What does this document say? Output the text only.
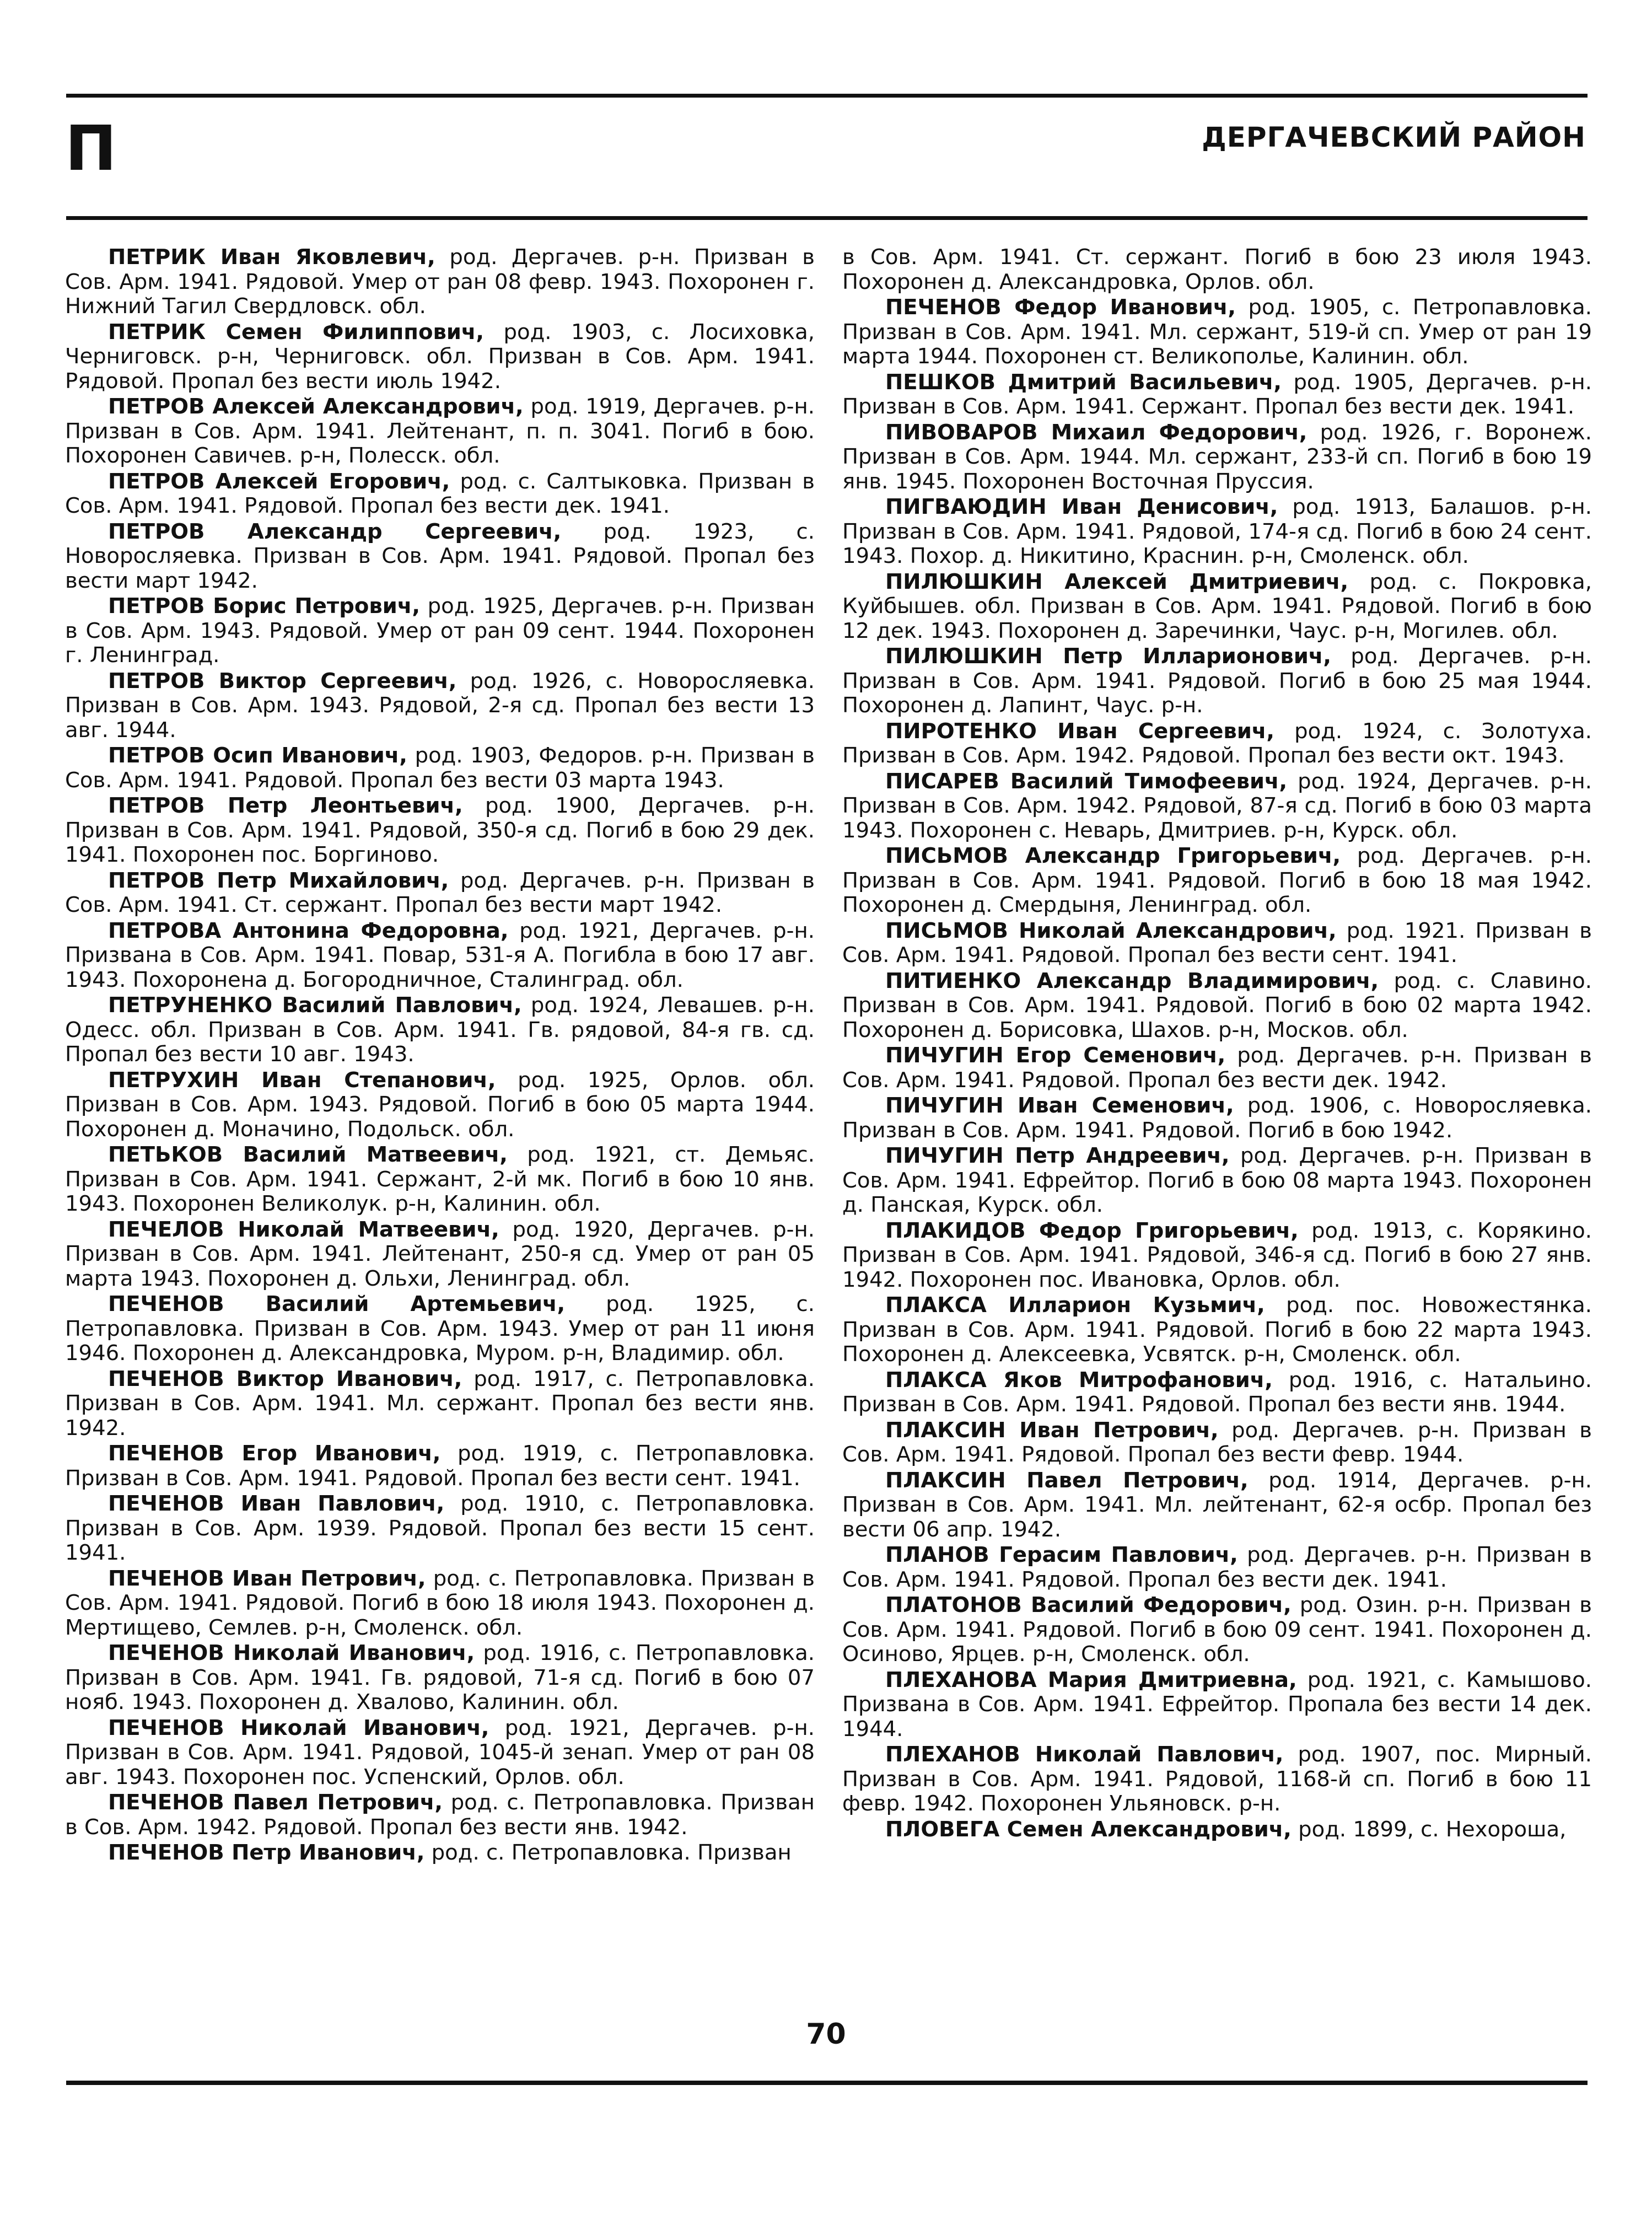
П	ДЕРГАЧЕВСКИЙ РАЙОН

ПЕТРИК Иван Яковлевич, род. Дергачев. р-н. Призван в Сов. Арм. 1941. Рядовой. Умер от ран 08 февр. 1943. Похоронен г. Нижний Тагил Свердловск. обл.

ПЕТРИК Семен Филиппович, род. 1903, с. Лосиховка, Черниговск. р-н, Черниговск. обл. Призван в Сов. Арм. 1941. Рядовой. Пропал без вести июль 1942.

ПЕТРОВ Алексей Александрович, род. 1919, Дергачев. р-н. Призван в Сов. Арм. 1941. Лейтенант, п. п. 3041. Погиб в бою. Похоронен Савичев. р-н, Полесск. обл.

ПЕТРОВ Алексей Егорович, род. с. Салтыковка. Призван в Сов. Арм. 1941. Рядовой. Пропал без вести дек. 1941.

ПЕТРОВ Александр Сергеевич, род. 1923, с. Новоросляевка. Призван в Сов. Арм. 1941. Рядовой. Пропал без вести март 1942.

ПЕТРОВ Борис Петрович, род. 1925, Дергачев. р-н. Призван в Сов. Арм. 1943. Рядовой. Умер от ран 09 сент. 1944. Похоронен г. Ленинград.

ПЕТРОВ Виктор Сергеевич, род. 1926, с. Новоросляевка. Призван в Сов. Арм. 1943. Рядовой, 2-я сд. Пропал без вести 13 авг. 1944.

ПЕТРОВ Осип Иванович, род. 1903, Федоров. р-н. Призван в Сов. Арм. 1941. Рядовой. Пропал без вести 03 марта 1943.

ПЕТРОВ Петр Леонтьевич, род. 1900, Дергачев. р-н. Призван в Сов. Арм. 1941. Рядовой, 350-я сд. Погиб в бою 29 дек. 1941. Похоронен пос. Боргиново.

ПЕТРОВ Петр Михайлович, род. Дергачев. р-н. Призван в Сов. Арм. 1941. Ст. сержант. Пропал без вести март 1942.

ПЕТРОВА Антонина Федоровна, род. 1921, Дергачев. р-н. Призвана в Сов. Арм. 1941. Повар, 531-я А. Погибла в бою 17 авг. 1943. Похоронена д. Богородничное, Сталинград. обл.

ПЕТРУНЕНКО Василий Павлович, род. 1924, Левашев. р-н. Одесс. обл. Призван в Сов. Арм. 1941. Гв. рядовой, 84-я гв. сд. Пропал без вести 10 авг. 1943.

ПЕТРУХИН Иван Степанович, род. 1925, Орлов. обл. Призван в Сов. Арм. 1943. Рядовой. Погиб в бою 05 марта 1944. Похоронен д. Моначино, Подольск. обл.

ПЕТЬКОВ Василий Матвеевич, род. 1921, ст. Демьяс. Призван в Сов. Арм. 1941. Сержант, 2-й мк. Погиб в бою 10 янв. 1943. Похоронен Великолук. р-н, Калинин. обл.

ПЕЧЕЛОВ Николай Матвеевич, род. 1920, Дергачев. р-н. Призван в Сов. Арм. 1941. Лейтенант, 250-я сд. Умер от ран 05 марта 1943. Похоронен д. Ольхи, Ленинград. обл.

ПЕЧЕНОВ Василий Артемьевич, род. 1925, с. Петропавловка. Призван в Сов. Арм. 1943. Умер от ран 11 июня 1946. Похоронен д. Александровка, Муром. р-н, Владимир. обл.

ПЕЧЕНОВ Виктор Иванович, род. 1917, с. Петропавловка. Призван в Сов. Арм. 1941. Мл. сержант. Пропал без вести янв. 1942.

ПЕЧЕНОВ Егор Иванович, род. 1919, с. Петропавловка. Призван в Сов. Арм. 1941. Рядовой. Пропал без вести сент. 1941.

ПЕЧЕНОВ Иван Павлович, род. 1910, с. Петропавловка. Призван в Сов. Арм. 1939. Рядовой. Пропал без вести 15 сент. 1941.

ПЕЧЕНОВ Иван Петрович, род. с. Петропавловка. Призван в Сов. Арм. 1941. Рядовой. Погиб в бою 18 июля 1943. Похоронен д. Мертищево, Семлев. р-н, Смоленск. обл.

ПЕЧЕНОВ Николай Иванович, род. 1916, с. Петропавловка. Призван в Сов. Арм. 1941. Гв. рядовой, 71-я сд. Погиб в бою 07 нояб. 1943. Похоронен д. Хвалово, Калинин. обл.

ПЕЧЕНОВ Николай Иванович, род. 1921, Дергачев. р-н. Призван в Сов. Арм. 1941. Рядовой, 1045-й зенап. Умер от ран 08 авг. 1943. Похоронен пос. Успенский, Орлов. обл.

ПЕЧЕНОВ Павел Петрович, род. с. Петропавловка. Призван в Сов. Арм. 1942. Рядовой. Пропал без вести янв. 1942.

ПЕЧЕНОВ Петр Иванович, род. с. Петропавловка. Призван

в Сов. Арм. 1941. Ст. сержант. Погиб в бою 23 июля 1943. Похоронен д. Александровка, Орлов. обл.

ПЕЧЕНОВ Федор Иванович, род. 1905, с. Петропавловка. Призван в Сов. Арм. 1941. Мл. сержант, 519-й сп. Умер от ран 19 марта 1944. Похоронен ст. Великополье, Калинин. обл.

ПЕШКОВ Дмитрий Васильевич, род. 1905, Дергачев. р-н. Призван в Сов. Арм. 1941. Сержант. Пропал без вести дек. 1941.

ПИВОВАРОВ Михаил Федорович, род. 1926, г. Воронеж. Призван в Сов. Арм. 1944. Мл. сержант, 233-й сп. Погиб в бою 19 янв. 1945. Похоронен Восточная Пруссия.

ПИГВАЮДИН Иван Денисович, род. 1913, Балашов. р-н. Призван в Сов. Арм. 1941. Рядовой, 174-я сд. Погиб в бою 24 сент. 1943. Похор. д. Никитино, Краснин. р-н, Смоленск. обл.

ПИЛЮШКИН Алексей Дмитриевич, род. с. Покровка, Куйбышев. обл. Призван в Сов. Арм. 1941. Рядовой. Погиб в бою 12 дек. 1943. Похоронен д. Заречинки, Чаус. р-н, Могилев. обл.

ПИЛЮШКИН Петр Илларионович, род. Дергачев. р-н. Призван в Сов. Арм. 1941. Рядовой. Погиб в бою 25 мая 1944. Похоронен д. Лапинт, Чаус. р-н.

ПИРОТЕНКО Иван Сергеевич, род. 1924, с. Золотуха. Призван в Сов. Арм. 1942. Рядовой. Пропал без вести окт. 1943.

ПИСАРЕВ Василий Тимофеевич, род. 1924, Дергачев. р-н. Призван в Сов. Арм. 1942. Рядовой, 87-я сд. Погиб в бою 03 марта 1943. Похоронен с. Неварь, Дмитриев. р-н, Курск. обл.

ПИСЬМОВ Александр Григорьевич, род. Дергачев. р-н. Призван в Сов. Арм. 1941. Рядовой. Погиб в бою 18 мая 1942. Похоронен д. Смердыня, Ленинград. обл.

ПИСЬМОВ Николай Александрович, род. 1921. Призван в Сов. Арм. 1941. Рядовой. Пропал без вести сент. 1941.

ПИТИЕНКО Александр Владимирович, род. с. Славино. Призван в Сов. Арм. 1941. Рядовой. Погиб в бою 02 марта 1942. Похоронен д. Борисовка, Шахов. р-н, Москов. обл.

ПИЧУГИН Егор Семенович, род. Дергачев. р-н. Призван в Сов. Арм. 1941. Рядовой. Пропал без вести дек. 1942.

ПИЧУГИН Иван Семенович, род. 1906, с. Новоросляевка. Призван в Сов. Арм. 1941. Рядовой. Погиб в бою 1942.

ПИЧУГИН Петр Андреевич, род. Дергачев. р-н. Призван в Сов. Арм. 1941. Ефрейтор. Погиб в бою 08 марта 1943. Похоронен д. Панская, Курск. обл.

ПЛАКИДОВ Федор Григорьевич, род. 1913, с. Корякино. Призван в Сов. Арм. 1941. Рядовой, 346-я сд. Погиб в бою 27 янв. 1942. Похоронен пос. Ивановка, Орлов. обл.

ПЛАКСА Илларион Кузьмич, род. пос. Новожестянка. Призван в Сов. Арм. 1941. Рядовой. Погиб в бою 22 марта 1943. Похоронен д. Алексеевка, Усвятск. р-н, Смоленск. обл.

ПЛАКСА Яков Митрофанович, род. 1916, с. Натальино. Призван в Сов. Арм. 1941. Рядовой. Пропал без вести янв. 1944.

ПЛАКСИН Иван Петрович, род. Дергачев. р-н. Призван в Сов. Арм. 1941. Рядовой. Пропал без вести февр. 1944.

ПЛАКСИН Павел Петрович, род. 1914, Дергачев. р-н. Призван в Сов. Арм. 1941. Мл. лейтенант, 62-я осбр. Пропал без вести 06 апр. 1942.

ПЛАНОВ Герасим Павлович, род. Дергачев. р-н. Призван в Сов. Арм. 1941. Рядовой. Пропал без вести дек. 1941.

ПЛАТОНОВ Василий Федорович, род. Озин. р-н. Призван в Сов. Арм. 1941. Рядовой. Погиб в бою 09 сент. 1941. Похоронен д. Осиново, Ярцев. р-н, Смоленск. обл.

ПЛЕХАНОВА Мария Дмитриевна, род. 1921, с. Камышово. Призвана в Сов. Арм. 1941. Ефрейтор. Пропала без вести 14 дек. 1944.

ПЛЕХАНОВ Николай Павлович, род. 1907, пос. Мирный. Призван в Сов. Арм. 1941. Рядовой, 1168-й сп. Погиб в бою 11 февр. 1942. Похоронен Ульяновск. р-н.

ПЛОВЕГА Семен Александрович, род. 1899, с. Нехороша,

70
